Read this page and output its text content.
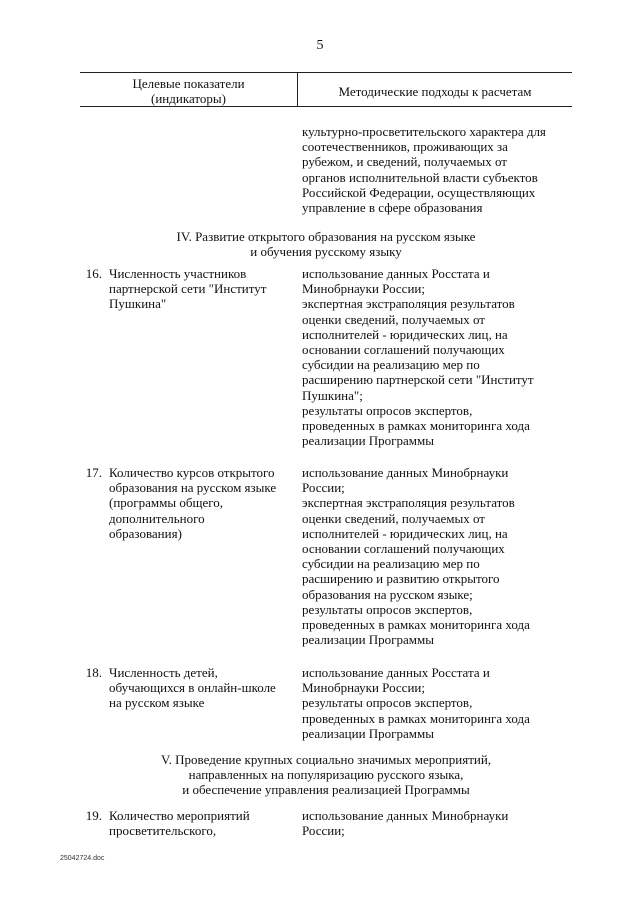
5
Целевые показатели
(индикаторы)	Методические подходы к расчетам
культурно-просветительского характера для
соотечественников, проживающих за
рубежом, и сведений, получаемых от
органов исполнительной власти субъектов
Российской Федерации, осуществляющих
управление в сфере образования
IV. Развитие открытого образования на русском языке
и обучения русскому языку
16. Численность участников
партнерской сети "Институт
Пушкина"
использование данных Росстата и
Минобрнауки России;
экспертная экстраполяция результатов
оценки сведений, получаемых от
исполнителей - юридических лиц, на
основании соглашений получающих
субсидии на реализацию мер по
расширению партнерской сети "Институт
Пушкина";
результаты опросов экспертов,
проведенных в рамках мониторинга хода
реализации Программы
17. Количество курсов открытого
образования на русском языке
(программы общего,
дополнительного
образования)
использование данных Минобрнауки
России;
экспертная экстраполяция результатов
оценки сведений, получаемых от
исполнителей - юридических лиц, на
основании соглашений получающих
субсидии на реализацию мер по
расширению и развитию открытого
образования на русском языке;
результаты опросов экспертов,
проведенных в рамках мониторинга хода
реализации Программы
18. Численность детей,
обучающихся в онлайн-школе
на русском языке
использование данных Росстата и
Минобрнауки России;
результаты опросов экспертов,
проведенных в рамках мониторинга хода
реализации Программы
V. Проведение крупных социально значимых мероприятий,
направленных на популяризацию русского языка,
и обеспечение управления реализацией Программы
19. Количество мероприятий
просветительского,
использование данных Минобрнауки
России;
25042724.doc
